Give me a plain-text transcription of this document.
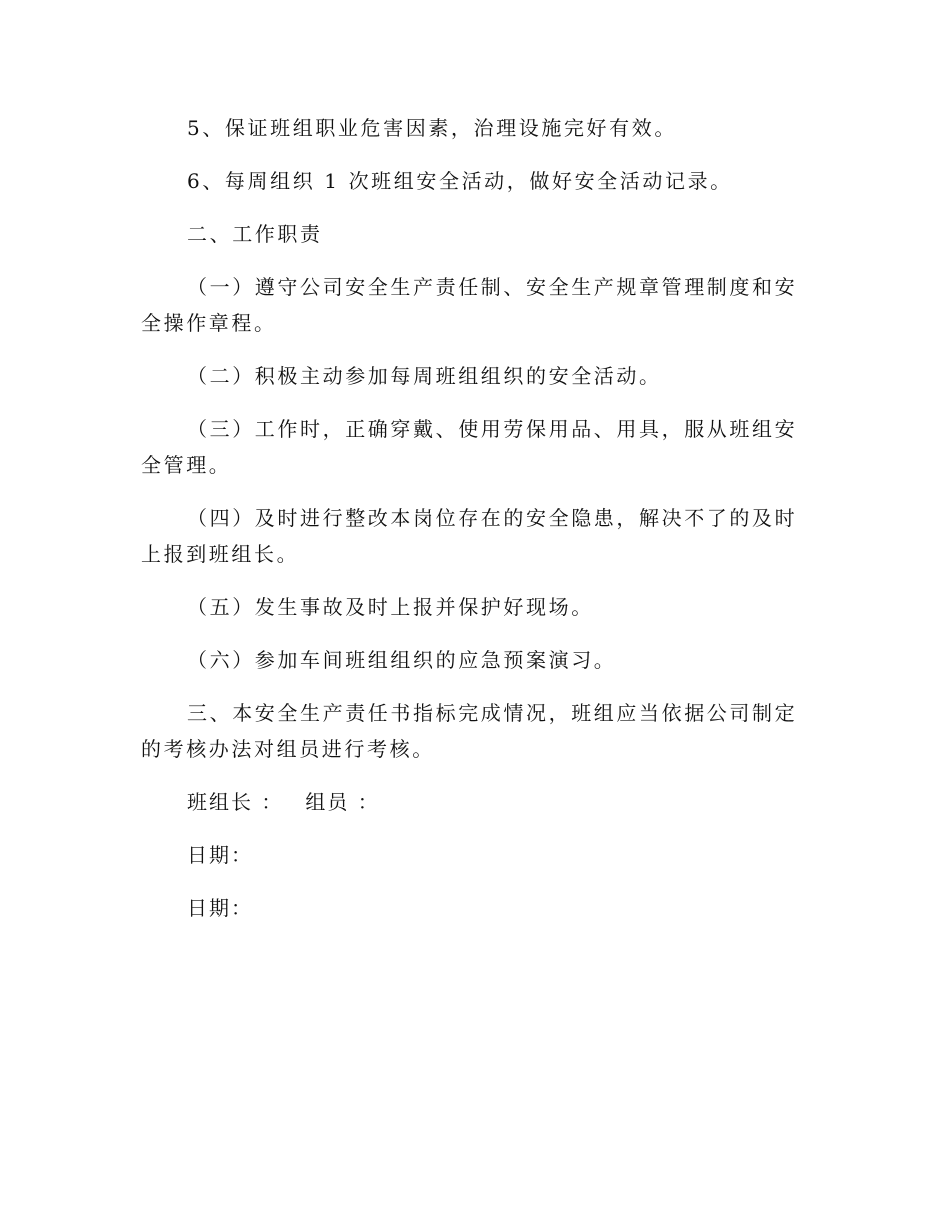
5、保证班组职业危害因素，治理设施完好有效。

6、每周组织 1 次班组安全活动，做好安全活动记录。

二、工作职责

（一）遵守公司安全生产责任制、安全生产规章管理制度和安全操作章程。

（二）积极主动参加每周班组组织的安全活动。

（三）工作时，正确穿戴、使用劳保用品、用具，服从班组安全管理。

（四）及时进行整改本岗位存在的安全隐患，解决不了的及时上报到班组长。

（五）发生事故及时上报并保护好现场。

（六）参加车间班组组织的应急预案演习。

三、本安全生产责任书指标完成情况，班组应当依据公司制定的考核办法对组员进行考核。

班组长 ： 组员 ：

日期：

日期：
